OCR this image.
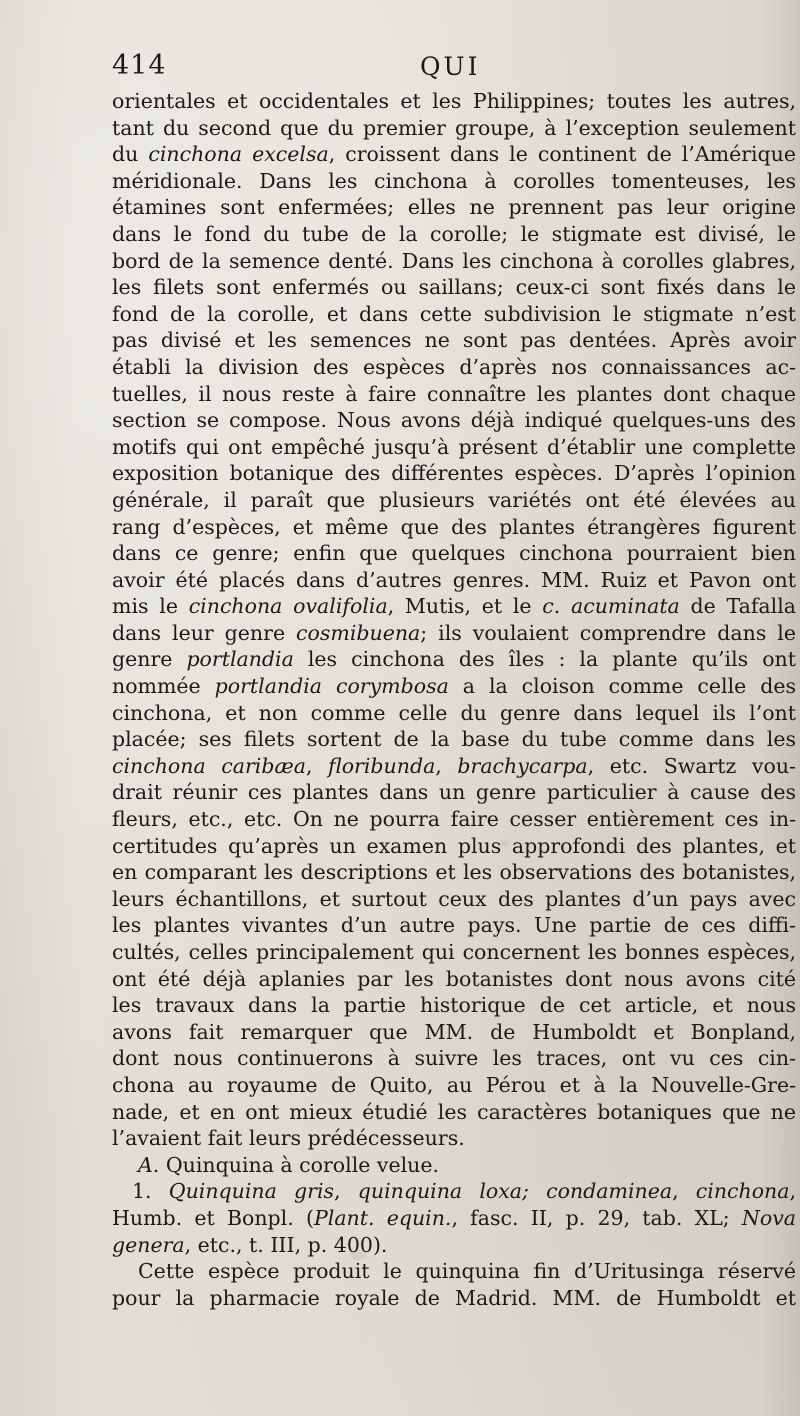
414	QUI
orientales et occidentales et les Philippines; toutes les autres,
tant du second que du premier groupe, à l’exception seulement
du cinchona excelsa, croissent dans le continent de l’Amérique
méridionale. Dans les cinchona à corolles tomenteuses, les
étamines sont enfermées; elles ne prennent pas leur origine
dans le fond du tube de la corolle; le stigmate est divisé, le
bord de la semence denté. Dans les cinchona à corolles glabres,
les filets sont enfermés ou saillans; ceux-ci sont fixés dans le
fond de la corolle, et dans cette subdivision le stigmate n’est
pas divisé et les semences ne sont pas dentées. Après avoir
établi la division des espèces d’après nos connaissances ac-
tuelles, il nous reste à faire connaître les plantes dont chaque
section se compose. Nous avons déjà indiqué quelques-uns des
motifs qui ont empêché jusqu’à présent d’établir une complette
exposition botanique des différentes espèces. D’après l’opinion
générale, il paraît que plusieurs variétés ont été élevées au
rang d’espèces, et même que des plantes étrangères figurent
dans ce genre; enfin que quelques cinchona pourraient bien
avoir été placés dans d’autres genres. MM. Ruiz et Pavon ont
mis le cinchona ovalifolia, Mutis, et le c. acuminata de Tafalla
dans leur genre cosmibuena; ils voulaient comprendre dans le
genre portlandia les cinchona des îles : la plante qu’ils ont
nommée portlandia corymbosa a la cloison comme celle des
cinchona, et non comme celle du genre dans lequel ils l’ont
placée; ses filets sortent de la base du tube comme dans les
cinchona caribæa, floribunda, brachycarpa, etc. Swartz vou-
drait réunir ces plantes dans un genre particulier à cause des
fleurs, etc., etc. On ne pourra faire cesser entièrement ces in-
certitudes qu’après un examen plus approfondi des plantes, et
en comparant les descriptions et les observations des botanistes,
leurs échantillons, et surtout ceux des plantes d’un pays avec
les plantes vivantes d’un autre pays. Une partie de ces diffi-
cultés, celles principalement qui concernent les bonnes espèces,
ont été déjà aplanies par les botanistes dont nous avons cité
les travaux dans la partie historique de cet article, et nous
avons fait remarquer que MM. de Humboldt et Bonpland,
dont nous continuerons à suivre les traces, ont vu ces cin-
chona au royaume de Quito, au Pérou et à la Nouvelle-Gre-
nade, et en ont mieux étudié les caractères botaniques que ne
l’avaient fait leurs prédécesseurs.
A. Quinquina à corolle velue.
1. Quinquina gris, quinquina loxa; condaminea, cinchona,
Humb. et Bonpl. (Plant. equin., fasc. II, p. 29, tab. XL; Nova
genera, etc., t. III, p. 400).
Cette espèce produit le quinquina fin d’Uritusinga réservé
pour la pharmacie royale de Madrid. MM. de Humboldt et
